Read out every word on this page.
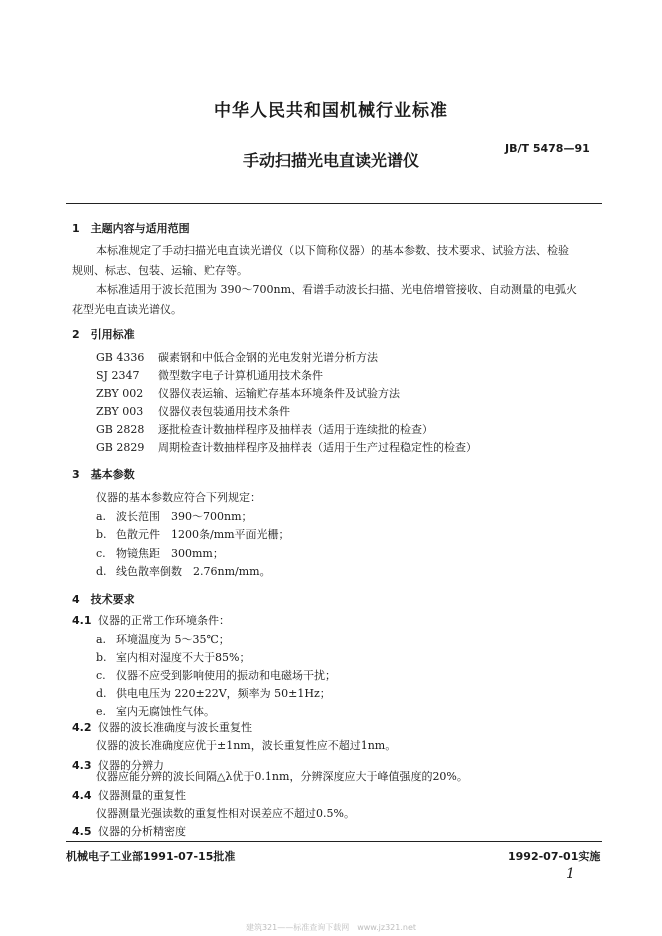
中华人民共和国机械行业标准
JB/T 5478—91
手动扫描光电直读光谱仪
1　主题内容与适用范围
本标准规定了手动扫描光电直读光谱仪（以下简称仪器）的基本参数、技术要求、试验方法、检验
规则、标志、包装、运输、贮存等。
本标准适用于波长范围为 390～700nm、看谱手动波长扫描、光电倍增管接收、自动测量的电弧火
花型光电直读光谱仪。
2　引用标准
GB 4336 碳素钢和中低合金钢的光电发射光谱分析方法
SJ 2347 微型数字电子计算机通用技术条件
ZBY 002 仪器仪表运输、运输贮存基本环境条件及试验方法
ZBY 003 仪器仪表包装通用技术条件
GB 2828 逐批检查计数抽样程序及抽样表（适用于连续批的检查）
GB 2829 周期检查计数抽样程序及抽样表（适用于生产过程稳定性的检查）
3　基本参数
仪器的基本参数应符合下列规定：
a. 波长范围　390～700nm；
b. 色散元件　1200条/mm平面光栅；
c. 物镜焦距　300mm；
d. 线色散率倒数　2.76nm/mm。
4　技术要求
4.1 仪器的正常工作环境条件：
a. 环境温度为 5～35℃；
b. 室内相对湿度不大于85%；
c. 仪器不应受到影响使用的振动和电磁场干扰；
d. 供电电压为 220±22V，频率为 50±1Hz；
e. 室内无腐蚀性气体。
4.2 仪器的波长准确度与波长重复性
仪器的波长准确度应优于±1nm，波长重复性应不超过1nm。
4.3 仪器的分辨力
仪器应能分辨的波长间隔△λ优于0.1nm，分辨深度应大于峰值强度的20%。
4.4 仪器测量的重复性
仪器测量光强读数的重复性相对误差应不超过0.5%。
4.5 仪器的分析精密度
机械电子工业部1991-07-15批准	1992-07-01实施
1
建筑321——标准查询下载网　www.jz321.net
